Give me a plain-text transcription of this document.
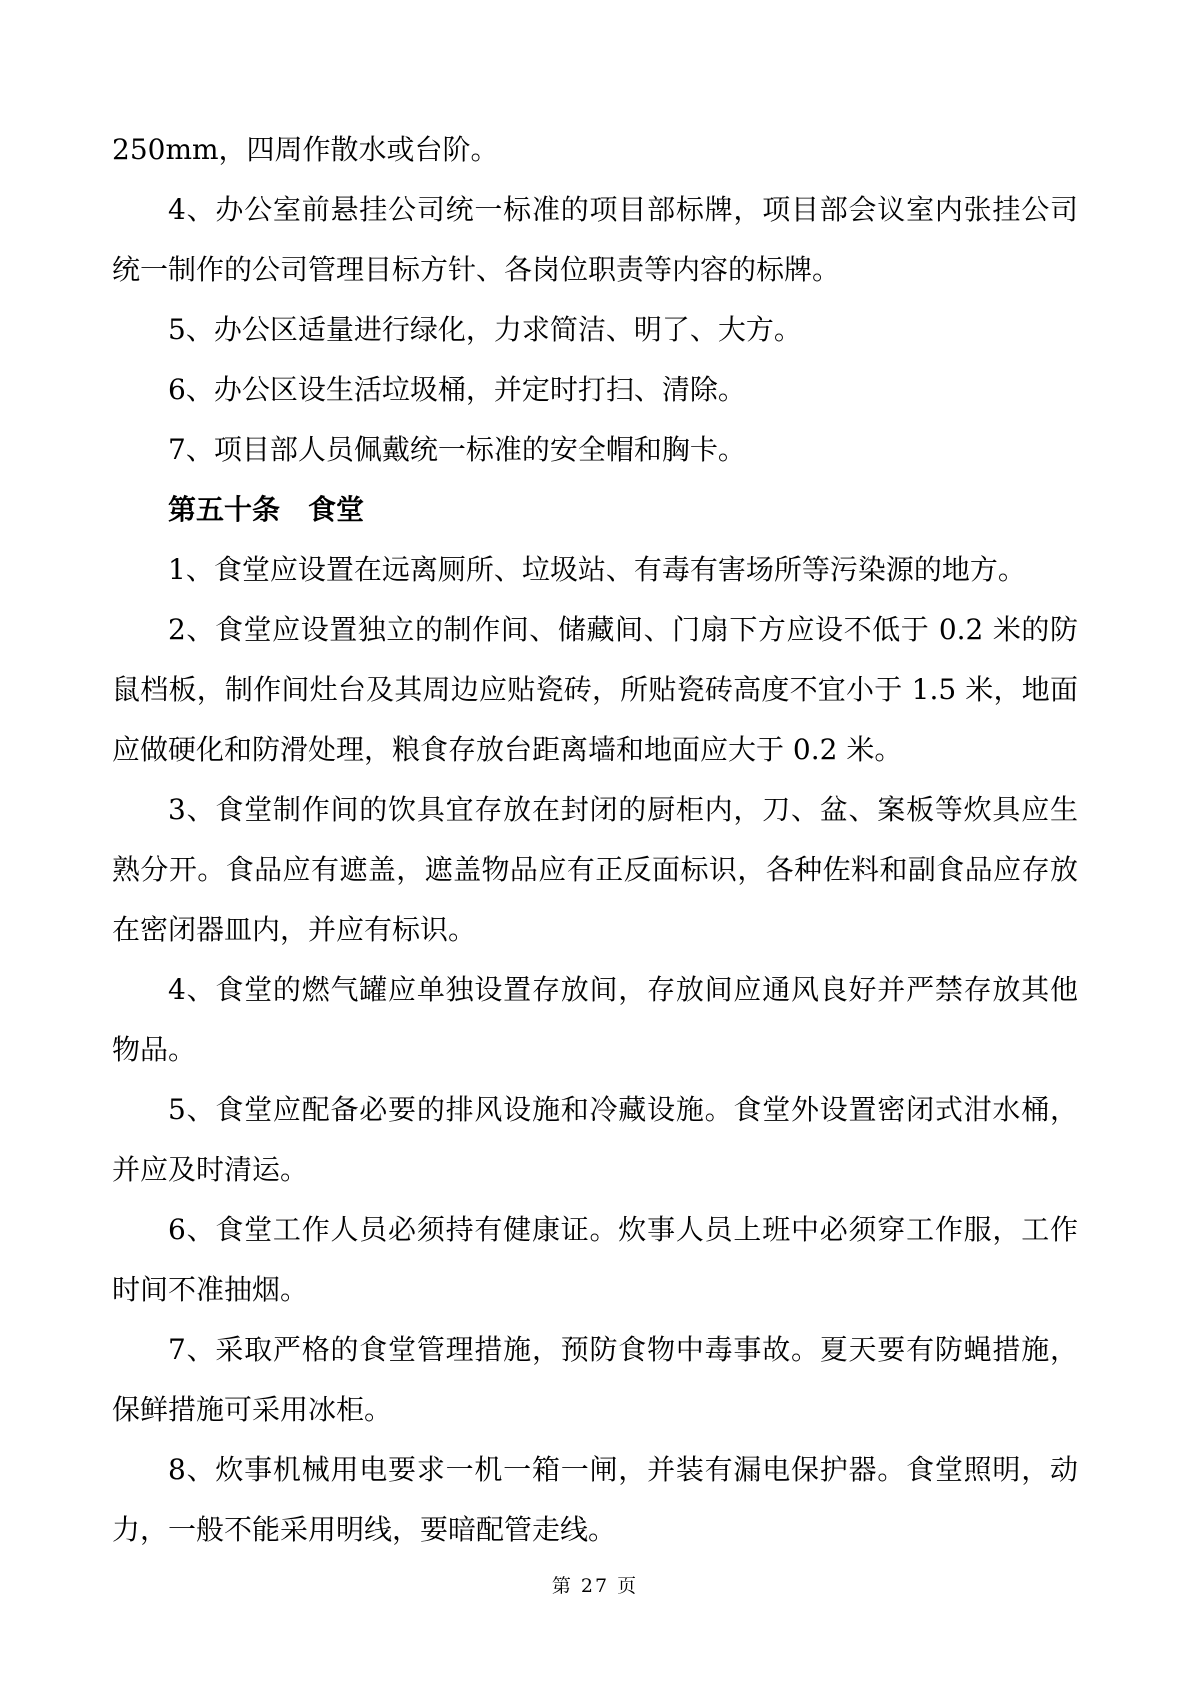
250mm，四周作散水或台阶。

4、办公室前悬挂公司统一标准的项目部标牌，项目部会议室内张挂公司统一制作的公司管理目标方针、各岗位职责等内容的标牌。

5、办公区适量进行绿化，力求简洁、明了、大方。

6、办公区设生活垃圾桶，并定时打扫、清除。

7、项目部人员佩戴统一标准的安全帽和胸卡。

第五十条　食堂

1、食堂应设置在远离厕所、垃圾站、有毒有害场所等污染源的地方。

2、食堂应设置独立的制作间、储藏间、门扇下方应设不低于 0.2 米的防鼠档板，制作间灶台及其周边应贴瓷砖，所贴瓷砖高度不宜小于 1.5 米，地面应做硬化和防滑处理，粮食存放台距离墙和地面应大于 0.2 米。

3、食堂制作间的饮具宜存放在封闭的厨柜内，刀、盆、案板等炊具应生熟分开。食品应有遮盖，遮盖物品应有正反面标识，各种佐料和副食品应存放在密闭器皿内，并应有标识。

4、食堂的燃气罐应单独设置存放间，存放间应通风良好并严禁存放其他物品。

5、食堂应配备必要的排风设施和冷藏设施。食堂外设置密闭式泔水桶，并应及时清运。

6、食堂工作人员必须持有健康证。炊事人员上班中必须穿工作服，工作时间不准抽烟。

7、采取严格的食堂管理措施，预防食物中毒事故。夏天要有防蝇措施，保鲜措施可采用冰柜。

8、炊事机械用电要求一机一箱一闸，并装有漏电保护器。食堂照明，动力，一般不能采用明线，要暗配管走线。

第 27 页
